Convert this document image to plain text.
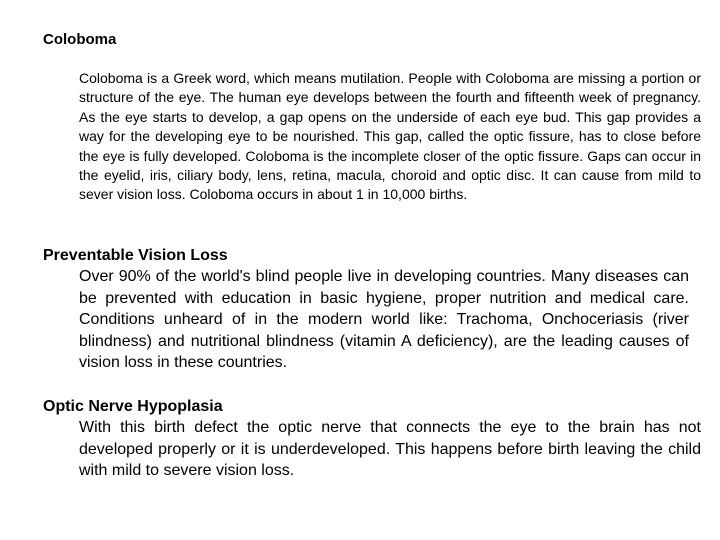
Coloboma

Coloboma is a Greek word, which means mutilation. People with Coloboma are missing a portion or structure of the eye. The human eye develops between the fourth and fifteenth week of pregnancy. As the eye starts to develop, a gap opens on the underside of each eye bud. This gap provides a way for the developing eye to be nourished. This gap, called the optic fissure, has to close before the eye is fully developed. Coloboma is the incomplete closer of the optic fissure. Gaps can occur in the eyelid, iris, ciliary body, lens, retina, macula, choroid and optic disc. It can cause from mild to sever vision loss. Coloboma occurs in about 1 in 10,000 births.

Preventable Vision Loss

Over 90% of the world's blind people live in developing countries. Many diseases can be prevented with education in basic hygiene, proper nutrition and medical care. Conditions unheard of in the modern world like: Trachoma, Onchoceriasis (river blindness) and nutritional blindness (vitamin A deficiency), are the leading causes of vision loss in these countries.

Optic Nerve Hypoplasia

With this birth defect the optic nerve that connects the eye to the brain has not developed properly or it is underdeveloped. This happens before birth leaving the child with mild to severe vision loss.
